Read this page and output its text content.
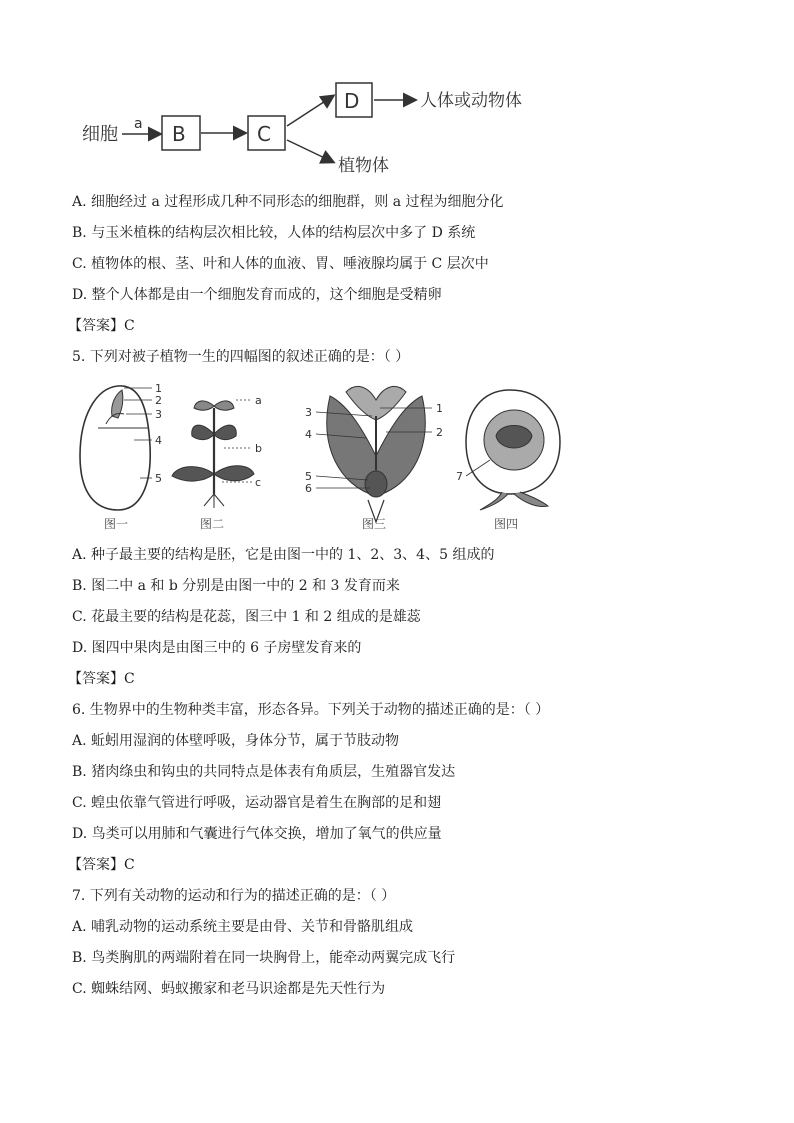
细胞 a B	C
D	人体或动物体
植物体
A. 细胞经过 a 过程形成几种不同形态的细胞群，则 a 过程为细胞分化
B. 与玉米植株的结构层次相比较，人体的结构层次中多了 D 系统
C. 植物体的根、茎、叶和人体的血液、胃、唾液腺均属于 C 层次中
D. 整个人体都是由一个细胞发育而成的，这个细胞是受精卵
【答案】C
5. 下列对被子植物一生的四幅图的叙述正确的是：（ ）
1
2
3
4
5
图一
a
b
c
图二
3
4
5
6
1
2
图三
7
图四
A. 种子最主要的结构是胚，它是由图一中的 1、2、3、4、5 组成的
B. 图二中 a 和 b 分别是由图一中的 2 和 3 发育而来
C. 花最主要的结构是花蕊，图三中 1 和 2 组成的是雄蕊
D. 图四中果肉是由图三中的 6 子房壁发育来的
【答案】C
6. 生物界中的生物种类丰富，形态各异。下列关于动物的描述正确的是：（ ）
A. 蚯蚓用湿润的体壁呼吸，身体分节，属于节肢动物
B. 猪肉绦虫和钩虫的共同特点是体表有角质层，生殖器官发达
C. 蝗虫依靠气管进行呼吸，运动器官是着生在胸部的足和翅
D. 鸟类可以用肺和气囊进行气体交换，增加了氧气的供应量
【答案】C
7. 下列有关动物的运动和行为的描述正确的是：（ ）
A. 哺乳动物的运动系统主要是由骨、关节和骨骼肌组成
B. 鸟类胸肌的两端附着在同一块胸骨上，能牵动两翼完成飞行
C. 蜘蛛结网、蚂蚁搬家和老马识途都是先天性行为
